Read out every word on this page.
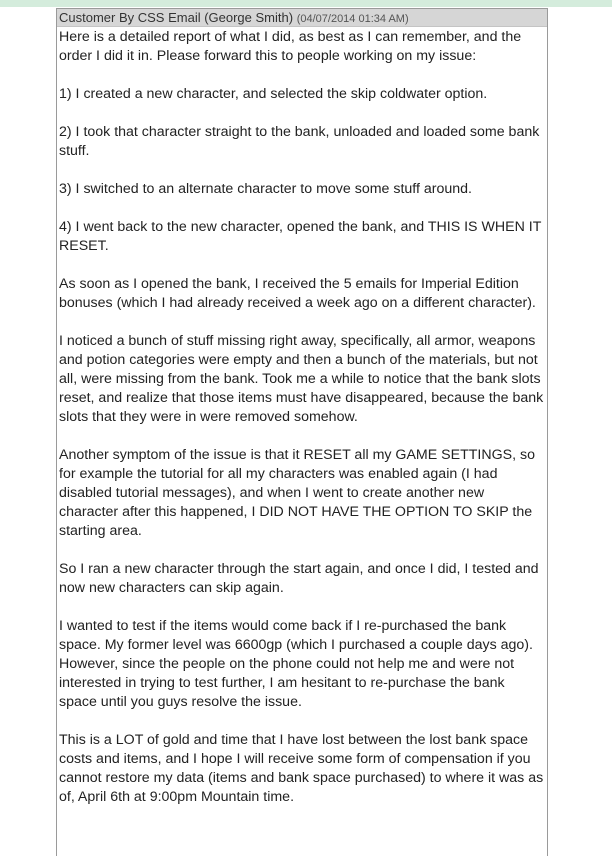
Customer By CSS Email (George Smith) (04/07/2014 01:34 AM)

Here is a detailed report of what I did, as best as I can remember, and the order I did it in. Please forward this to people working on my issue:

1) I created a new character, and selected the skip coldwater option.

2) I took that character straight to the bank, unloaded and loaded some bank stuff.

3) I switched to an alternate character to move some stuff around.

4) I went back to the new character, opened the bank, and THIS IS WHEN IT RESET.

As soon as I opened the bank, I received the 5 emails for Imperial Edition bonuses (which I had already received a week ago on a different character).

I noticed a bunch of stuff missing right away, specifically, all armor, weapons and potion categories were empty and then a bunch of the materials, but not all, were missing from the bank. Took me a while to notice that the bank slots reset, and realize that those items must have disappeared, because the bank slots that they were in were removed somehow.

Another symptom of the issue is that it RESET all my GAME SETTINGS, so for example the tutorial for all my characters was enabled again (I had disabled tutorial messages), and when I went to create another new character after this happened, I DID NOT HAVE THE OPTION TO SKIP the starting area.

So I ran a new character through the start again, and once I did, I tested and now new characters can skip again.

I wanted to test if the items would come back if I re-purchased the bank space. My former level was 6600gp (which I purchased a couple days ago). However, since the people on the phone could not help me and were not interested in trying to test further, I am hesitant to re-purchase the bank space until you guys resolve the issue.

This is a LOT of gold and time that I have lost between the lost bank space costs and items, and I hope I will receive some form of compensation if you cannot restore my data (items and bank space purchased) to where it was as of, April 6th at 9:00pm Mountain time.
